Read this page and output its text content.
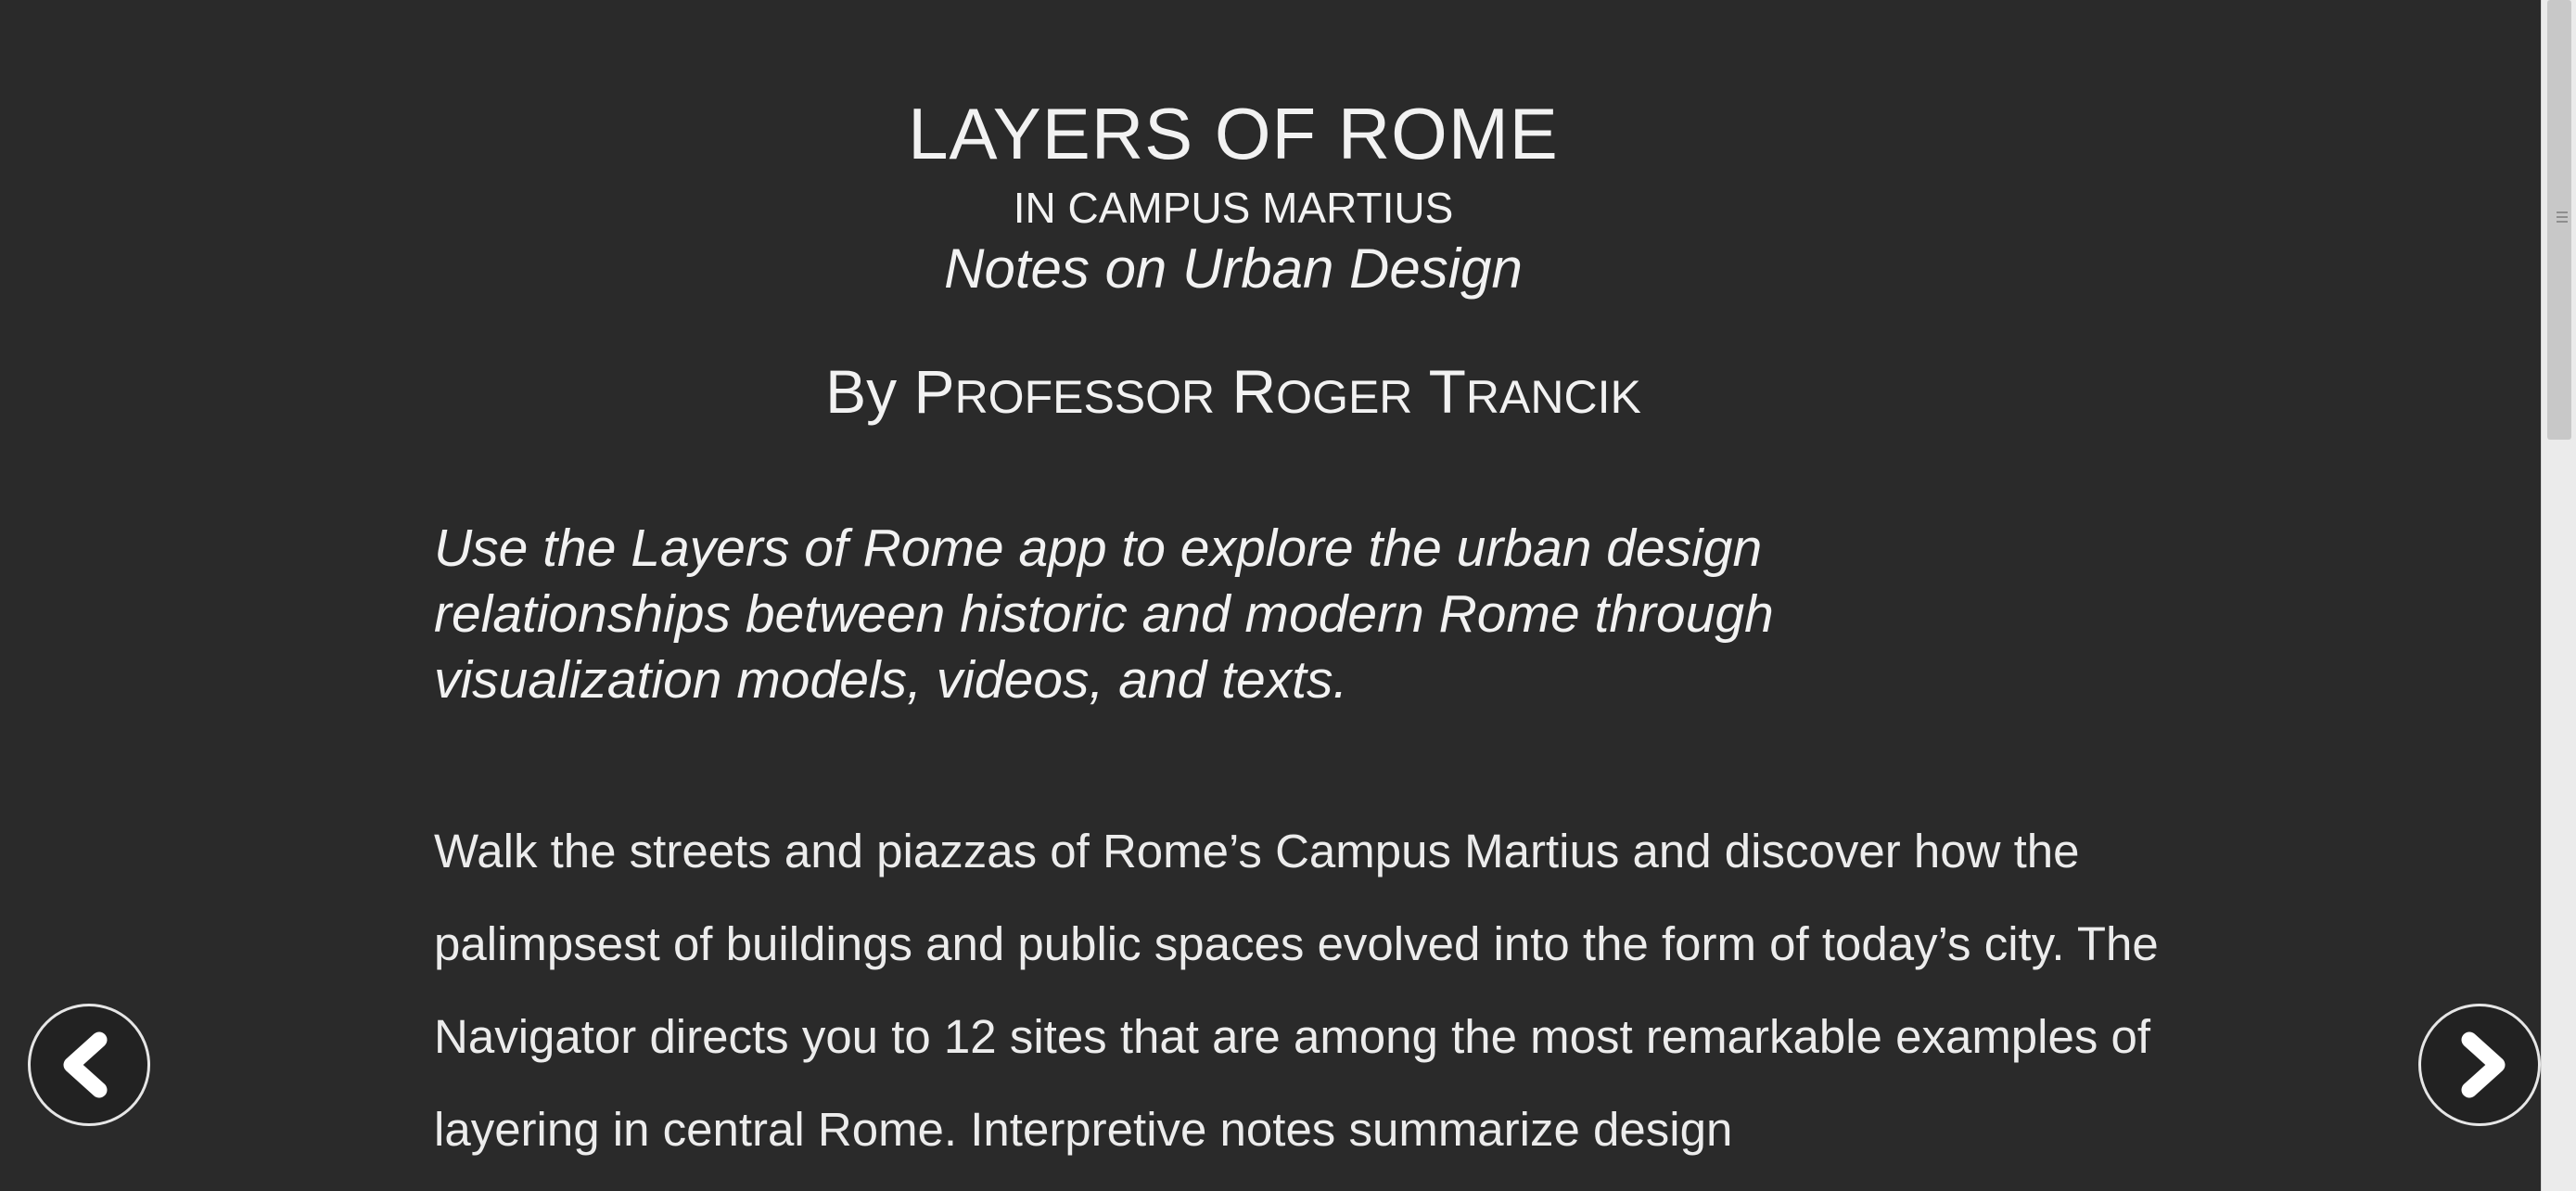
LAYERS OF ROME
IN CAMPUS MARTIUS
Notes on Urban Design
By PROFESSOR ROGER TRANCIK

Use the Layers of Rome app to explore the urban design relationships between historic and modern Rome through visualization models, videos, and texts.

Walk the streets and piazzas of Rome’s Campus Martius and discover how the palimpsest of buildings and public spaces evolved into the form of today’s city. The Navigator directs you to 12 sites that are among the most remarkable examples of layering in central Rome. Interpretive notes summarize design
